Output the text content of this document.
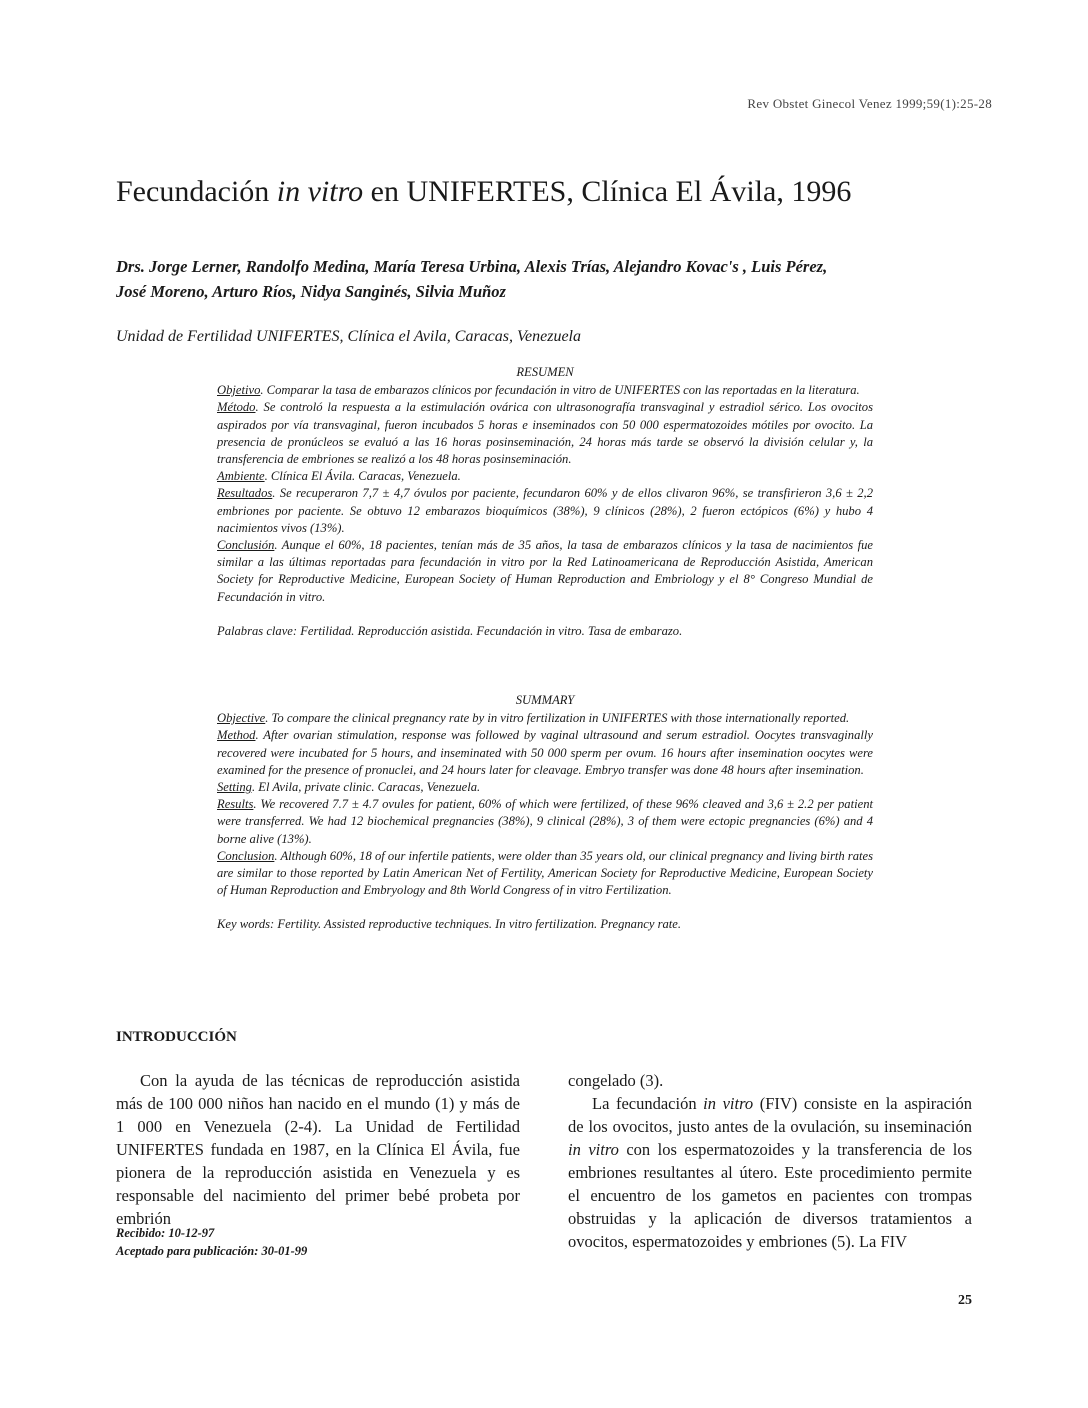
Rev Obstet Ginecol Venez 1999;59(1):25-28
Fecundación in vitro en UNIFERTES, Clínica El Ávila, 1996
Drs. Jorge Lerner, Randolfo Medina, María Teresa Urbina, Alexis Trías, Alejandro Kovac's , Luis Pérez,
José Moreno, Arturo Ríos, Nidya Sanginés, Silvia Muñoz
Unidad de Fertilidad UNIFERTES, Clínica el Avila, Caracas, Venezuela

RESUMEN

Objetivo. Comparar la tasa de embarazos clínicos por fecundación in vitro de UNIFERTES con las reportadas en la literatura.

Método. Se controló la respuesta a la estimulación ovárica con ultrasonografía transvaginal y estradiol sérico. Los ovocitos aspirados por vía transvaginal, fueron incubados 5 horas e inseminados con 50 000 espermatozoides mótiles por ovocito. La presencia de pronúcleos se evaluó a las 16 horas posinseminación, 24 horas más tarde se observó la división celular y, la transferencia de embriones se realizó a los 48 horas posinseminación.

Ambiente. Clínica El Ávila. Caracas, Venezuela.

Resultados. Se recuperaron 7,7 ± 4,7 óvulos por paciente, fecundaron 60% y de ellos clivaron 96%, se transfirieron 3,6 ± 2,2 embriones por paciente. Se obtuvo 12 embarazos bioquímicos (38%), 9 clínicos (28%), 2 fueron ectópicos (6%) y hubo 4 nacimientos vivos (13%).

Conclusión. Aunque el 60%, 18 pacientes, tenían más de 35 años, la tasa de embarazos clínicos y la tasa de nacimientos fue similar a las últimas reportadas para fecundación in vitro por la Red Latinoamericana de Reproducción Asistida, American Society for Reproductive Medicine, European Society of Human Reproduction and Embriology y el 8° Congreso Mundial de Fecundación in vitro.

Palabras clave: Fertilidad. Reproducción asistida. Fecundación in vitro. Tasa de embarazo.

SUMMARY

Objective. To compare the clinical pregnancy rate by in vitro fertilization in UNIFERTES with those internationally reported.

Method. After ovarian stimulation, response was followed by vaginal ultrasound and serum estradiol. Oocytes transvaginally recovered were incubated for 5 hours, and inseminated with 50 000 sperm per ovum. 16 hours after insemination oocytes were examined for the presence of pronuclei, and 24 hours later for cleavage. Embryo transfer was done 48 hours after insemination.

Setting. El Avila, private clinic. Caracas, Venezuela.

Results. We recovered 7.7 ± 4.7 ovules for patient, 60% of which were fertilized, of these 96% cleaved and 3,6 ± 2.2 per patient were transferred. We had 12 biochemical pregnancies (38%), 9 clinical (28%), 3 of them were ectopic pregnancies (6%) and 4 borne alive (13%).

Conclusion. Although 60%, 18 of our infertile patients, were older than 35 years old, our clinical pregnancy and living birth rates are similar to those reported by Latin American Net of Fertility, American Society for Reproductive Medicine, European Society of Human Reproduction and Embryology and 8th World Congress of in vitro Fertilization.

Key words: Fertility. Assisted reproductive techniques. In vitro fertilization. Pregnancy rate.

INTRODUCCIÓN

Con la ayuda de las técnicas de reproducción asistida más de 100 000 niños han nacido en el mundo (1) y más de 1 000 en Venezuela (2-4). La Unidad de Fertilidad UNIFERTES fundada en 1987, en la Clínica El Ávila, fue pionera de la reproducción asistida en Venezuela y es responsable del nacimiento del primer bebé probeta por embrión

Recibido: 10-12-97
Aceptado para publicación: 30-01-99

congelado (3).

La fecundación in vitro (FIV) consiste en la aspiración de los ovocitos, justo antes de la ovulación, su inseminación in vitro con los espermatozoides y la transferencia de los embriones resultantes al útero. Este procedimiento permite el encuentro de los gametos en pacientes con trompas obstruidas y la aplicación de diversos tratamientos a ovocitos, espermatozoides y embriones (5). La FIV

25
